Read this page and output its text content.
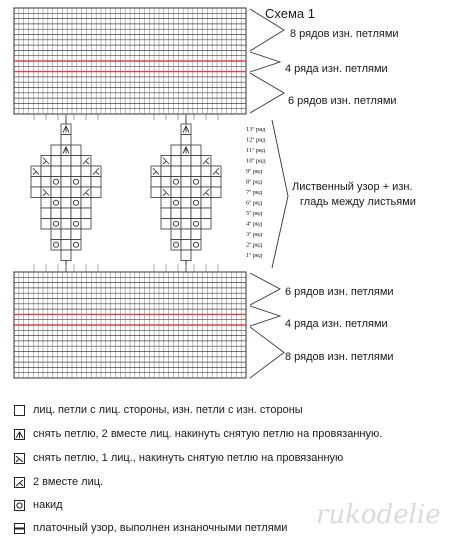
13ª ряд
12ª ряд
11ª ряд
10ª ряд
9ª ряд
8ª ряд
7ª ряд
6ª ряд
5ª ряд
4ª ряд
3ª ряд
2ª ряд
1ª ряд
Схема 1
8 рядов изн. петлями
4 ряда изн. петлями
6 рядов изн. петлями
Лиственный узор + изн.
гладь между листьями
6 рядов изн. петлями
4 ряда изн. петлями
8 рядов изн. петлями
лиц. петли с лиц. стороны, изн. петли с изн. стороны
снять петлю, 2 вместе лиц. накинуть снятую петлю на провязанную.
снять петлю, 1 лиц., накинуть снятую петлю на провязанную
2 вместе лиц.
накид
платочный узор, выполнен изнаночными петлями rukodelie
